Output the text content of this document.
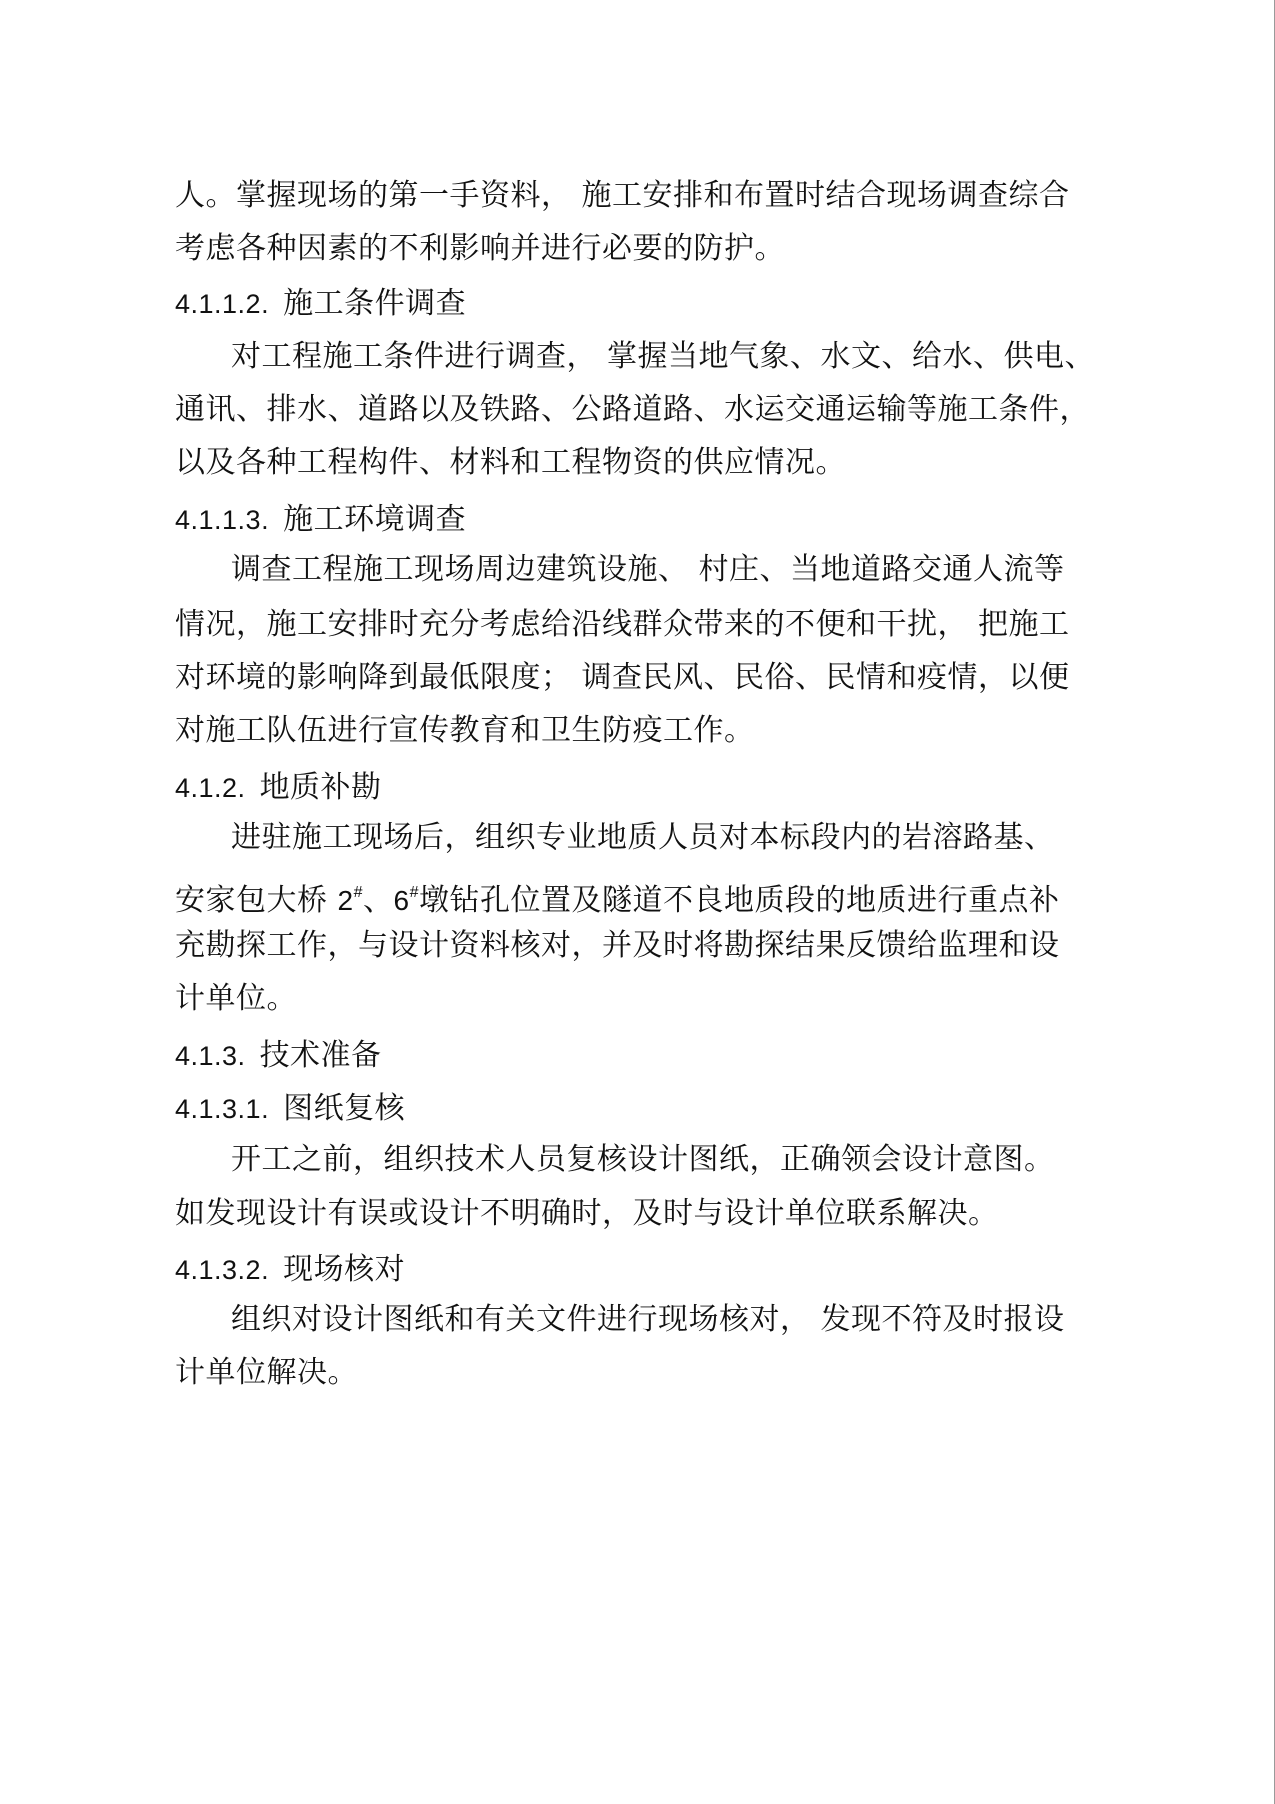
人。掌握现场的第一手资料， 施工安排和布置时结合现场调查综合
考虑各种因素的不利影响并进行必要的防护。
4.1.1.2. 施工条件调查
对工程施工条件进行调查， 掌握当地气象、水文、给水、供电、
通讯、排水、道路以及铁路、公路道路、水运交通运输等施工条件，
以及各种工程构件、材料和工程物资的供应情况。
4.1.1.3. 施工环境调查
调查工程施工现场周边建筑设施、 村庄、当地道路交通人流等
情况，施工安排时充分考虑给沿线群众带来的不便和干扰， 把施工
对环境的影响降到最低限度； 调查民风、民俗、民情和疫情，以便
对施工队伍进行宣传教育和卫生防疫工作。
4.1.2. 地质补勘
进驻施工现场后，组织专业地质人员对本标段内的岩溶路基、
安家包大桥 2#、6#墩钻孔位置及隧道不良地质段的地质进行重点补
充勘探工作，与设计资料核对，并及时将勘探结果反馈给监理和设
计单位。
4.1.3. 技术准备
4.1.3.1. 图纸复核
开工之前，组织技术人员复核设计图纸，正确领会设计意图。
如发现设计有误或设计不明确时，及时与设计单位联系解决。
4.1.3.2. 现场核对
组织对设计图纸和有关文件进行现场核对， 发现不符及时报设
计单位解决。
